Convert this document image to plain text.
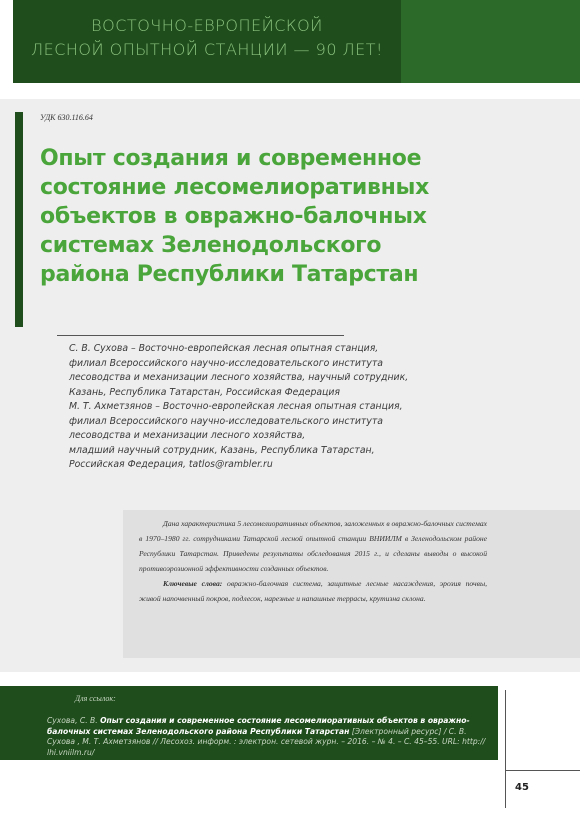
ВОСТОЧНО-ЕВРОПЕЙСКОЙ
ЛЕСНОЙ ОПЫТНОЙ СТАНЦИИ — 90 ЛЕТ!
УДК 630.116.64
Опыт создания и современное состояние лесомелиоративных объектов в овражно-балочных системах Зеленодольского района Республики Татарстан

С. В. Сухова – Восточно-европейская лесная опытная станция,
филиал Всероссийского научно-исследовательского института
лесоводства и механизации лесного хозяйства, научный сотрудник,
Казань, Республика Татарстан, Российская Федерация

М. Т. Ахметзянов – Восточно-европейская лесная опытная станция,
филиал Всероссийского научно-исследовательского института
лесоводства и механизации лесного хозяйства,
младший научный сотрудник, Казань, Республика Татарстан,
Российская Федерация, tatlos@rambler.ru

Дана характеристика 5 лесомелиоративных объектов, заложенных в овражно-балочных системах в 1970–1980 гг. сотрудниками Татарской лесной опытной станции ВНИИЛМ в Зеленодольском районе Республики Татарстан. Приведены результаты обследования 2015 г., и сделаны выводы о высокой противоэрозионной эффективности созданных объектов.

Ключевые слова: овражно-балочная система, защитные лесные насаждения, эрозия почвы, живой напочвенный покров, подлесок, нарезные и напашные террасы, крутизна склона.

Для ссылок:
Сухова, С. В. Опыт создания и современное состояние лесомелиоративных объектов в овражно-балочных системах Зеленодольского района Республики Татарстан [Электронный ресурс] / С. В. Сухова , М. Т. Ахметзянов // Лесохоз. информ. : электрон. сетевой журн. – 2016. – № 4. – С. 45–55. URL: http:// lhi.vniilm.ru/
45
